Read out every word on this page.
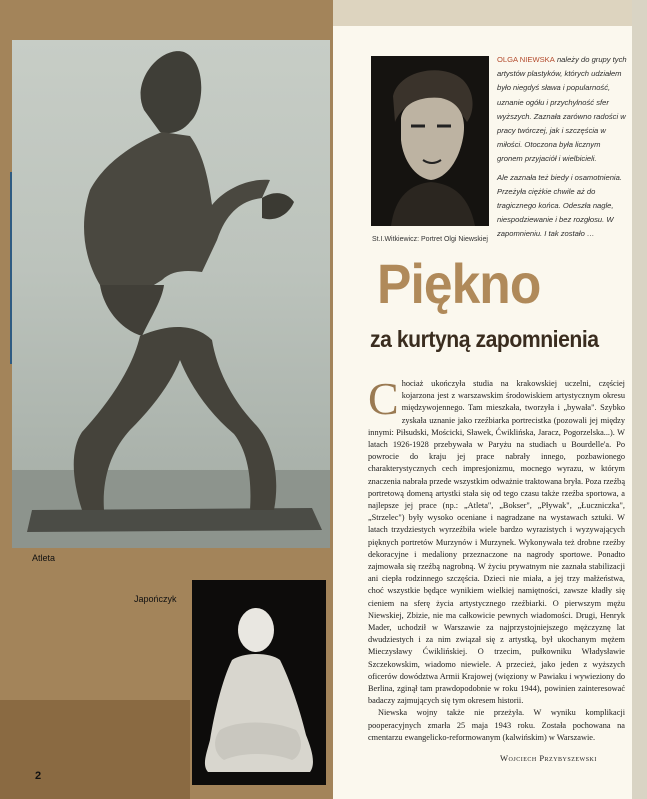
Atleta
Japończyk
2
St.I.Witkiewicz: Portret Olgi Niewskiej

OLGA NIEWSKA należy do grupy tych artystów plastyków, których udziałem było niegdyś sława i popularność, uznanie ogółu i przychylność sfer wyższych. Zaznała zarówno radości w pracy twórczej, jak i szczęścia w miłości. Otoczona była licznym gronem przyjaciół i wielbicieli.

Ale zaznała też biedy i osamotnienia. Przeżyła ciężkie chwile aż do tragicznego końca. Odeszła nagle, niespodziewanie i bez rozgłosu. W zapomnieniu. I tak zostało …

Piękno
za kurtyną zapomnienia
Chociaż ukończyła studia na krakowskiej uczelni, częściej kojarzona jest z warszawskim środowiskiem artystycznym okresu międzywojennego. Tam mieszkała, tworzyła i „bywała". Szybko zyskała uznanie jako rzeźbiarka portrecistka (pozowali jej między innymi: Piłsudski, Mościcki, Sławek, Ćwiklińska, Jaracz, Pogorzelska...). W latach 1926-1928 przebywała w Paryżu na studiach u Bourdelle'a. Po powrocie do kraju jej prace nabrały innego, pozbawionego charakterystycznych cech impresjonizmu, mocnego wyrazu, w którym znaczenia nabrała przede wszystkim odważnie traktowana bryła. Poza rzeźbą portretową domeną artystki stała się od tego czasu także rzeźba sportowa, a najlepsze jej prace (np.: „Atleta", „Bokser", „Pływak", „Łuczniczka", „Strzelec") były wysoko oceniane i nagradzane na wystawach sztuki. W latach trzydziestych wyrzeźbiła wiele bardzo wyrazistych i wyzywających pięknych portretów Murzynów i Murzynek. Wykonywała też drobne rzeźby dekoracyjne i medaliony przeznaczone na nagrody sportowe. Ponadto zajmowała się rzeźbą nagrobną. W życiu prywatnym nie zaznała stabilizacji ani ciepła rodzinnego szczęścia. Dzieci nie miała, a jej trzy małżeństwa, choć wszystkie będące wynikiem wielkiej namiętności, zawsze kładły się cieniem na sferę życia artystycznego rzeźbiarki. O pierwszym mężu Niewskiej, Zbizie, nie ma całkowicie pewnych wiadomości. Drugi, Henryk Mader, uchodził w Warszawie za najprzystojniejszego mężczyznę lat dwudziestych i za nim związał się z artystką, był ukochanym mężem Mieczysławy Ćwiklińskiej. O trzecim, pułkowniku Władysławie Szczekowskim, wiadomo niewiele. A przecież, jako jeden z wyższych oficerów dowództwa Armii Krajowej (więziony w Pawiaku i wywieziony do Berlina, zginął tam prawdopodobnie w roku 1944), powinien zainteresować badaczy zajmujących się tym okresem historii.
Niewska wojny także nie przeżyła. W wyniku komplikacji pooperacyjnych zmarła 25 maja 1943 roku. Została pochowana na cmentarzu ewangelicko-reformowanym (kalwińskim) w Warszawie.
Wojciech Przybyszewski
